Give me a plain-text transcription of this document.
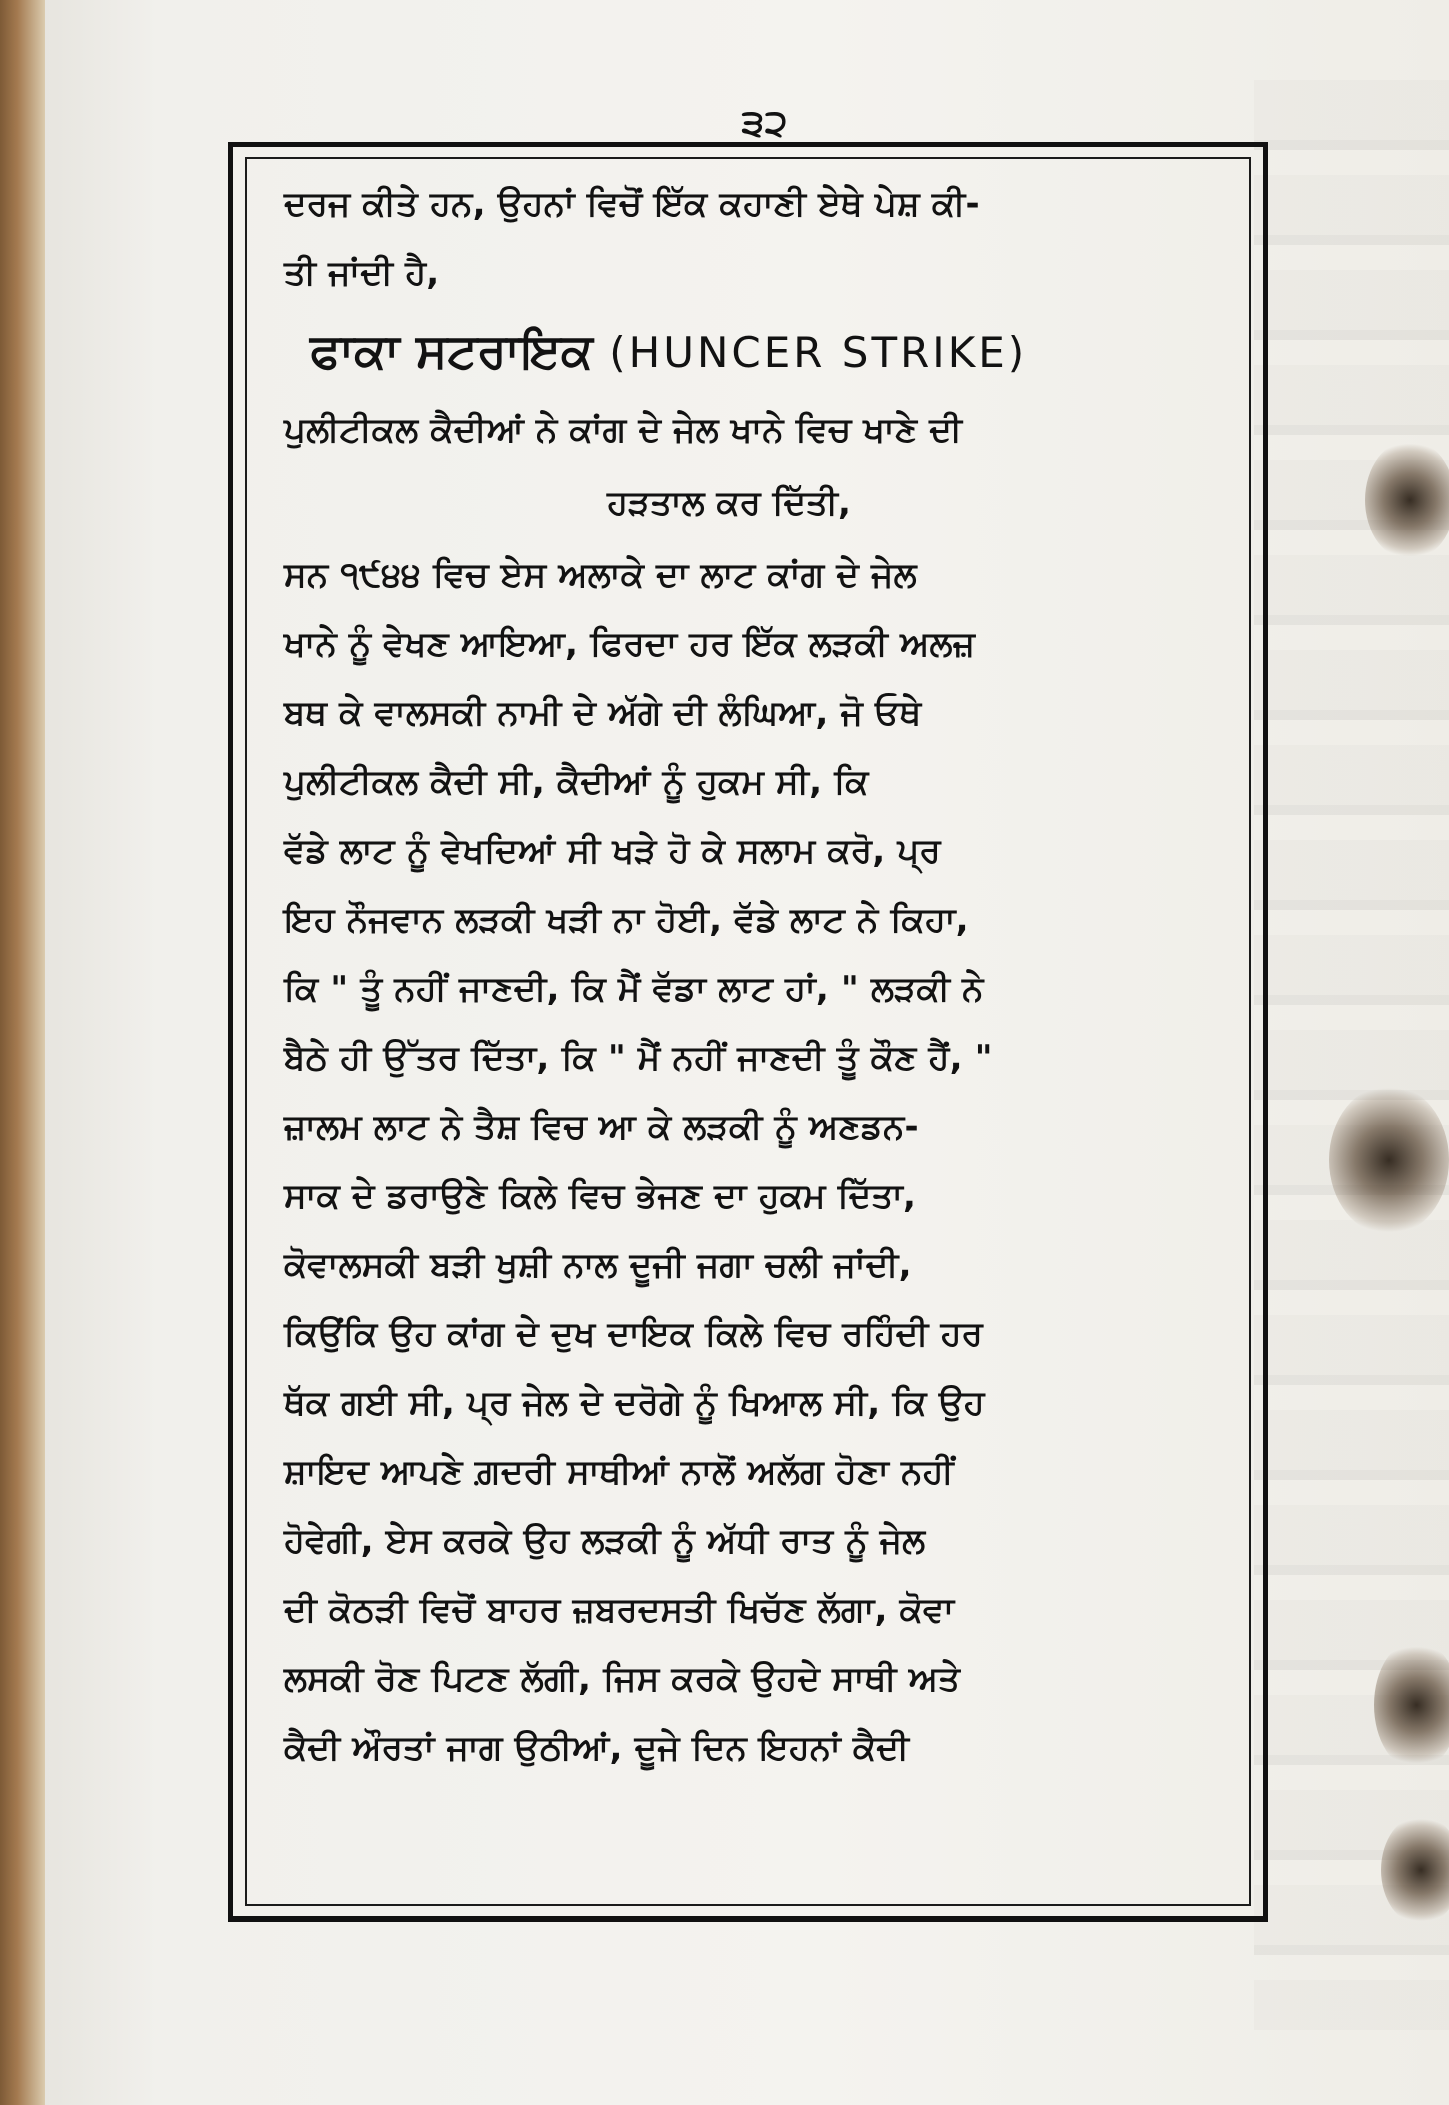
੩੨
ਦਰਜ ਕੀਤੇ ਹਨ, ਉਹਨਾਂ ਵਿਚੋਂ ਇੱਕ ਕਹਾਣੀ ਏਥੇ ਪੇਸ਼ ਕੀ-
ਤੀ ਜਾਂਦੀ ਹੈ,
ਫਾਕਾ ਸਟਰਾਇਕ (HUNCER STRIKE)
ਪੁਲੀਟੀਕਲ ਕੈਦੀਆਂ ਨੇ ਕਾਂਗ ਦੇ ਜੇਲ ਖਾਨੇ ਵਿਚ ਖਾਣੇ ਦੀ
ਹੜਤਾਲ ਕਰ ਦਿੱਤੀ,
ਸਨ ੧੯੪੪ ਵਿਚ ਏਸ ਅਲਾਕੇ ਦਾ ਲਾਟ ਕਾਂਗ ਦੇ ਜੇਲ
ਖਾਨੇ ਨੂੰ ਵੇਖਣ ਆਇਆ, ਫਿਰਦਾ ਹਰ ਇੱਕ ਲੜਕੀ ਅਲਜ਼
ਬਥ ਕੇ ਵਾਲਸਕੀ ਨਾਮੀ ਦੇ ਅੱਗੇ ਦੀ ਲੰਘਿਆ, ਜੋ ਓਥੇ
ਪੁਲੀਟੀਕਲ ਕੈਦੀ ਸੀ, ਕੈਦੀਆਂ ਨੂੰ ਹੁਕਮ ਸੀ, ਕਿ
ਵੱਡੇ ਲਾਟ ਨੂੰ ਵੇਖਦਿਆਂ ਸੀ ਖੜੇ ਹੋ ਕੇ ਸਲਾਮ ਕਰੋ, ਪ੍ਰ
ਇਹ ਨੌਜਵਾਨ ਲੜਕੀ ਖੜੀ ਨਾ ਹੋਈ, ਵੱਡੇ ਲਾਟ ਨੇ ਕਿਹਾ,
ਕਿ " ਤੂੰ ਨਹੀਂ ਜਾਣਦੀ, ਕਿ ਮੈਂ ਵੱਡਾ ਲਾਟ ਹਾਂ, " ਲੜਕੀ ਨੇ
ਬੈਠੇ ਹੀ ਉੱਤਰ ਦਿੱਤਾ, ਕਿ " ਮੈਂ ਨਹੀਂ ਜਾਣਦੀ ਤੂੰ ਕੌਣ ਹੈਂ, "
ਜ਼ਾਲਮ ਲਾਟ ਨੇ ਤੈਸ਼ ਵਿਚ ਆ ਕੇ ਲੜਕੀ ਨੂੰ ਅਣਡਨ-
ਸਾਕ ਦੇ ਡਰਾਉਣੇ ਕਿਲੇ ਵਿਚ ਭੇਜਣ ਦਾ ਹੁਕਮ ਦਿੱਤਾ,
ਕੋਵਾਲਸਕੀ ਬੜੀ ਖੁਸ਼ੀ ਨਾਲ ਦੂਜੀ ਜਗਾ ਚਲੀ ਜਾਂਦੀ,
ਕਿਉਂਕਿ ਉਹ ਕਾਂਗ ਦੇ ਦੁਖ ਦਾਇਕ ਕਿਲੇ ਵਿਚ ਰਹਿੰਦੀ ਹਰ
ਥੱਕ ਗਈ ਸੀ, ਪ੍ਰ ਜੇਲ ਦੇ ਦਰੋਗੇ ਨੂੰ ਖਿਆਲ ਸੀ, ਕਿ ਉਹ
ਸ਼ਾਇਦ ਆਪਣੇ ਗ਼ਦਰੀ ਸਾਥੀਆਂ ਨਾਲੋਂ ਅਲੱਗ ਹੋਣਾ ਨਹੀਂ
ਹੋਵੇਗੀ, ਏਸ ਕਰਕੇ ਉਹ ਲੜਕੀ ਨੂੰ ਅੱਧੀ ਰਾਤ ਨੂੰ ਜੇਲ
ਦੀ ਕੋਠੜੀ ਵਿਚੋਂ ਬਾਹਰ ਜ਼ਬਰਦਸਤੀ ਖਿਚੱਣ ਲੱਗਾ, ਕੋਵਾ
ਲਸਕੀ ਰੋਣ ਪਿਟਣ ਲੱਗੀ, ਜਿਸ ਕਰਕੇ ਉਹਦੇ ਸਾਥੀ ਅਤੇ
ਕੈਦੀ ਔਰਤਾਂ ਜਾਗ ਉਠੀਆਂ, ਦੂਜੇ ਦਿਨ ਇਹਨਾਂ ਕੈਦੀ
